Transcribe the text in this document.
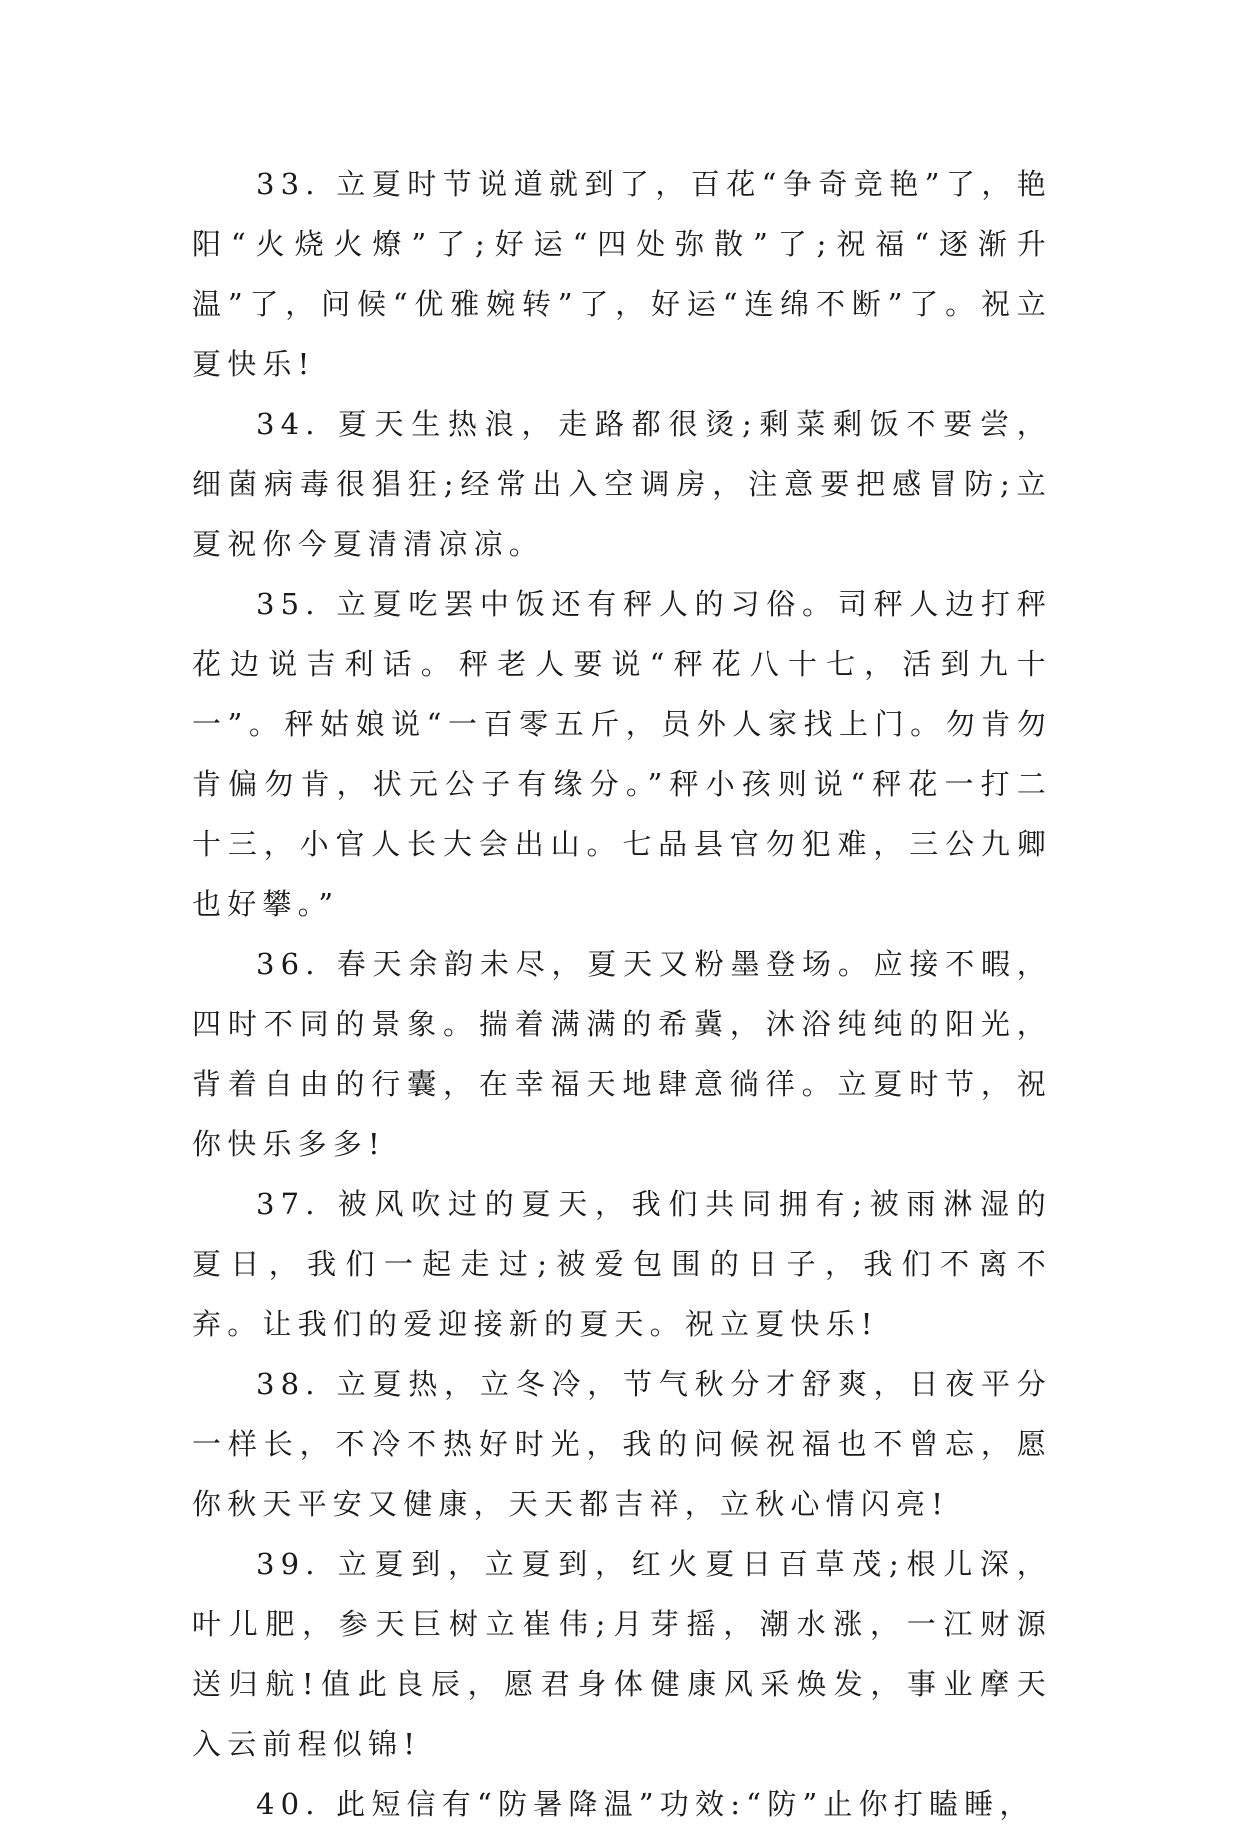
33. 立夏时节说道就到了，百花“争奇竞艳”了，艳阳“火烧火燎”了;好运“四处弥散”了;祝福“逐渐升温”了，问候“优雅婉转”了，好运“连绵不断”了。祝立夏快乐!

34. 夏天生热浪，走路都很烫;剩菜剩饭不要尝，细菌病毒很猖狂;经常出入空调房，注意要把感冒防;立夏祝你今夏清清凉凉。

35. 立夏吃罢中饭还有秤人的习俗。司秤人边打秤花边说吉利话。秤老人要说“秤花八十七，活到九十一”。秤姑娘说“一百零五斤，员外人家找上门。勿肯勿肯偏勿肯，状元公子有缘分。”秤小孩则说“秤花一打二十三，小官人长大会出山。七品县官勿犯难，三公九卿也好攀。”

36. 春天余韵未尽，夏天又粉墨登场。应接不暇，四时不同的景象。揣着满满的希冀，沐浴纯纯的阳光，背着自由的行囊，在幸福天地肆意徜徉。立夏时节，祝你快乐多多!

37. 被风吹过的夏天，我们共同拥有;被雨淋湿的夏日，我们一起走过;被爱包围的日子，我们不离不弃。让我们的爱迎接新的夏天。祝立夏快乐!

38. 立夏热，立冬冷，节气秋分才舒爽，日夜平分一样长，不冷不热好时光，我的问候祝福也不曾忘，愿你秋天平安又健康，天天都吉祥，立秋心情闪亮!

39. 立夏到，立夏到，红火夏日百草茂;根儿深，叶儿肥，参天巨树立崔伟;月芽摇，潮水涨，一江财源送归航!值此良辰，愿君身体健康风采焕发，事业摩天入云前程似锦!

40. 此短信有“防暑降温”功效:“防”止你打瞌睡，
